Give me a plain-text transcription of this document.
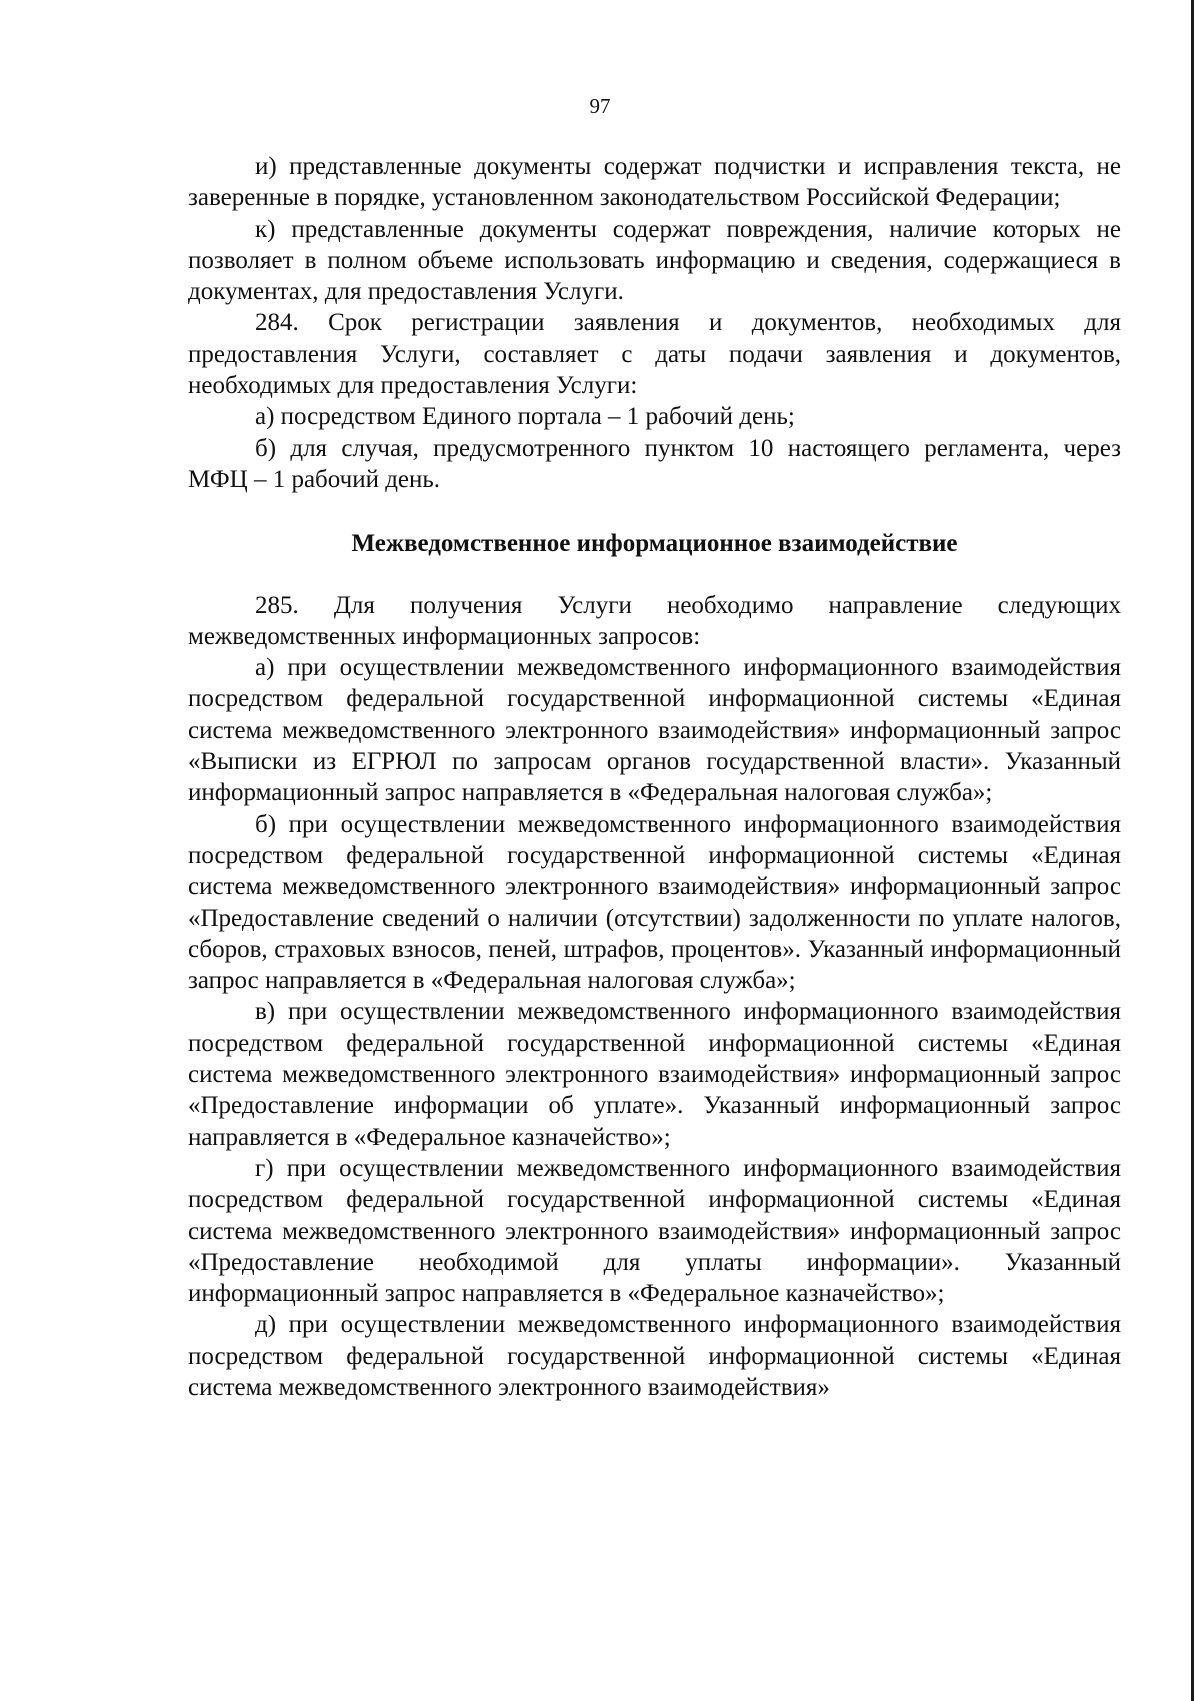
97

и) представленные документы содержат подчистки и исправления текста, не заверенные в порядке, установленном законодательством Российской Федерации;

к) представленные документы содержат повреждения, наличие которых не позволяет в полном объеме использовать информацию и сведения, содержащиеся в документах, для предоставления Услуги.

284. Срок регистрации заявления и документов, необходимых для предоставления Услуги, составляет с даты подачи заявления и документов, необходимых для предоставления Услуги:

а) посредством Единого портала – 1 рабочий день;

б) для случая, предусмотренного пунктом 10 настоящего регламента, через МФЦ – 1 рабочий день.

Межведомственное информационное взаимодействие

285. Для получения Услуги необходимо направление следующих межведомственных информационных запросов:

а) при осуществлении межведомственного информационного взаимодействия посредством федеральной государственной информационной системы «Единая система межведомственного электронного взаимодействия» информационный запрос «Выписки из ЕГРЮЛ по запросам органов государственной власти». Указанный информационный запрос направляется в «Федеральная налоговая служба»;

б) при осуществлении межведомственного информационного взаимодействия посредством федеральной государственной информационной системы «Единая система межведомственного электронного взаимодействия» информационный запрос «Предоставление сведений о наличии (отсутствии) задолженности по уплате налогов, сборов, страховых взносов, пеней, штрафов, процентов». Указанный информационный запрос направляется в «Федеральная налоговая служба»;

в) при осуществлении межведомственного информационного взаимодействия посредством федеральной государственной информационной системы «Единая система межведомственного электронного взаимодействия» информационный запрос «Предоставление информации об уплате». Указанный информационный запрос направляется в «Федеральное казначейство»;

г) при осуществлении межведомственного информационного взаимодействия посредством федеральной государственной информационной системы «Единая система межведомственного электронного взаимодействия» информационный запрос «Предоставление необходимой для уплаты информации». Указанный информационный запрос направляется в «Федеральное казначейство»;

д) при осуществлении межведомственного информационного взаимодействия посредством федеральной государственной информационной системы «Единая система межведомственного электронного взаимодействия»
